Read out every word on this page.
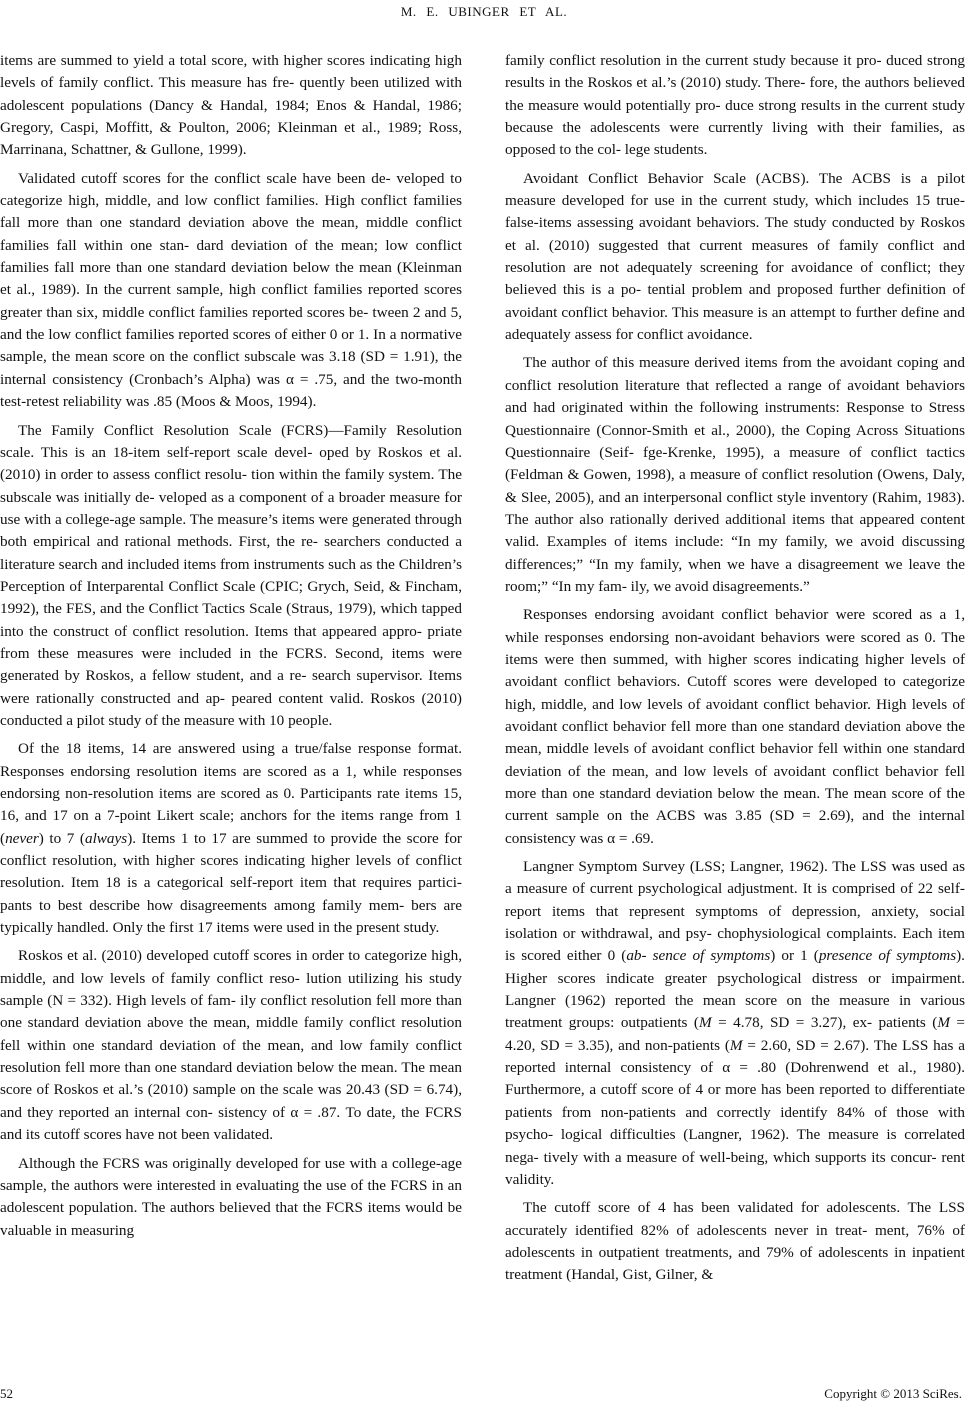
M. E. UBINGER ET AL.

items are summed to yield a total score, with higher scores indicating high levels of family conflict. This measure has fre- quently been utilized with adolescent populations (Dancy & Handal, 1984; Enos & Handal, 1986; Gregory, Caspi, Moffitt, & Poulton, 2006; Kleinman et al., 1989; Ross, Marrinana, Schattner, & Gullone, 1999).

Validated cutoff scores for the conflict scale have been de- veloped to categorize high, middle, and low conflict families. High conflict families fall more than one standard deviation above the mean, middle conflict families fall within one stan- dard deviation of the mean; low conflict families fall more than one standard deviation below the mean (Kleinman et al., 1989). In the current sample, high conflict families reported scores greater than six, middle conflict families reported scores be- tween 2 and 5, and the low conflict families reported scores of either 0 or 1. In a normative sample, the mean score on the conflict subscale was 3.18 (SD = 1.91), the internal consistency (Cronbach’s Alpha) was α = .75, and the two-month test-retest reliability was .85 (Moos & Moos, 1994).

The Family Conflict Resolution Scale (FCRS)—Family Resolution scale. This is an 18-item self-report scale devel- oped by Roskos et al. (2010) in order to assess conflict resolu- tion within the family system. The subscale was initially de- veloped as a component of a broader measure for use with a college-age sample. The measure’s items were generated through both empirical and rational methods. First, the re- searchers conducted a literature search and included items from instruments such as the Children’s Perception of Interparental Conflict Scale (CPIC; Grych, Seid, & Fincham, 1992), the FES, and the Conflict Tactics Scale (Straus, 1979), which tapped into the construct of conflict resolution. Items that appeared appro- priate from these measures were included in the FCRS. Second, items were generated by Roskos, a fellow student, and a re- search supervisor. Items were rationally constructed and ap- peared content valid. Roskos (2010) conducted a pilot study of the measure with 10 people.

Of the 18 items, 14 are answered using a true/false response format. Responses endorsing resolution items are scored as a 1, while responses endorsing non-resolution items are scored as 0. Participants rate items 15, 16, and 17 on a 7-point Likert scale; anchors for the items range from 1 (never) to 7 (always). Items 1 to 17 are summed to provide the score for conflict resolution, with higher scores indicating higher levels of conflict resolution. Item 18 is a categorical self-report item that requires partici- pants to best describe how disagreements among family mem- bers are typically handled. Only the first 17 items were used in the present study.

Roskos et al. (2010) developed cutoff scores in order to categorize high, middle, and low levels of family conflict reso- lution utilizing his study sample (N = 332). High levels of fam- ily conflict resolution fell more than one standard deviation above the mean, middle family conflict resolution fell within one standard deviation of the mean, and low family conflict resolution fell more than one standard deviation below the mean. The mean score of Roskos et al.’s (2010) sample on the scale was 20.43 (SD = 6.74), and they reported an internal con- sistency of α = .87. To date, the FCRS and its cutoff scores have not been validated.

Although the FCRS was originally developed for use with a college-age sample, the authors were interested in evaluating the use of the FCRS in an adolescent population. The authors believed that the FCRS items would be valuable in measuring

family conflict resolution in the current study because it pro- duced strong results in the Roskos et al.’s (2010) study. There- fore, the authors believed the measure would potentially pro- duce strong results in the current study because the adolescents were currently living with their families, as opposed to the col- lege students.

Avoidant Conflict Behavior Scale (ACBS). The ACBS is a pilot measure developed for use in the current study, which includes 15 true-false-items assessing avoidant behaviors. The study conducted by Roskos et al. (2010) suggested that current measures of family conflict and resolution are not adequately screening for avoidance of conflict; they believed this is a po- tential problem and proposed further definition of avoidant conflict behavior. This measure is an attempt to further define and adequately assess for conflict avoidance.

The author of this measure derived items from the avoidant coping and conflict resolution literature that reflected a range of avoidant behaviors and had originated within the following instruments: Response to Stress Questionnaire (Connor-Smith et al., 2000), the Coping Across Situations Questionnaire (Seif- fge-Krenke, 1995), a measure of conflict tactics (Feldman & Gowen, 1998), a measure of conflict resolution (Owens, Daly, & Slee, 2005), and an interpersonal conflict style inventory (Rahim, 1983). The author also rationally derived additional items that appeared content valid. Examples of items include: “In my family, we avoid discussing differences;” “In my family, when we have a disagreement we leave the room;” “In my fam- ily, we avoid disagreements.”

Responses endorsing avoidant conflict behavior were scored as a 1, while responses endorsing non-avoidant behaviors were scored as 0. The items were then summed, with higher scores indicating higher levels of avoidant conflict behaviors. Cutoff scores were developed to categorize high, middle, and low levels of avoidant conflict behavior. High levels of avoidant conflict behavior fell more than one standard deviation above the mean, middle levels of avoidant conflict behavior fell within one standard deviation of the mean, and low levels of avoidant conflict behavior fell more than one standard deviation below the mean. The mean score of the current sample on the ACBS was 3.85 (SD = 2.69), and the internal consistency was α = .69.

Langner Symptom Survey (LSS; Langner, 1962). The LSS was used as a measure of current psychological adjustment. It is comprised of 22 self-report items that represent symptoms of depression, anxiety, social isolation or withdrawal, and psy- chophysiological complaints. Each item is scored either 0 (ab- sence of symptoms) or 1 (presence of symptoms). Higher scores indicate greater psychological distress or impairment. Langner (1962) reported the mean score on the measure in various treatment groups: outpatients (M = 4.78, SD = 3.27), ex- patients (M = 4.20, SD = 3.35), and non-patients (M = 2.60, SD = 2.67). The LSS has a reported internal consistency of α = .80 (Dohrenwend et al., 1980). Furthermore, a cutoff score of 4 or more has been reported to differentiate patients from non-patients and correctly identify 84% of those with psycho- logical difficulties (Langner, 1962). The measure is correlated nega- tively with a measure of well-being, which supports its concur- rent validity.

The cutoff score of 4 has been validated for adolescents. The LSS accurately identified 82% of adolescents never in treat- ment, 76% of adolescents in outpatient treatments, and 79% of adolescents in inpatient treatment (Handal, Gist, Gilner, &

52	Copyright © 2013 SciRes.
